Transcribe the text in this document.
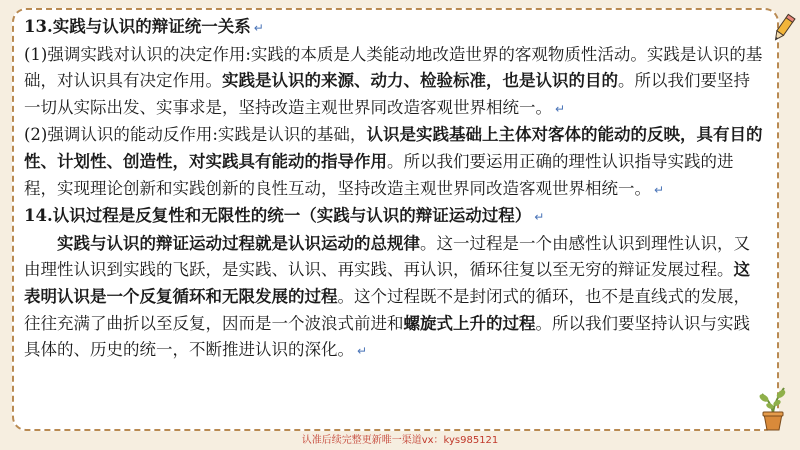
13.实践与认识的辩证统一关系 ↵

(1)强调实践对认识的决定作用:实践的本质是人类能动地改造世界的客观物质性活动。实践是认识的基础，对认识具有决定作用。实践是认识的来源、动力、检验标准，也是认识的目的。所以我们要坚持一切从实际出发、实事求是，坚持改造主观世界同改造客观世界相统一。 ↵

(2)强调认识的能动反作用:实践是认识的基础，认识是实践基础上主体对客体的能动的反映，具有目的性、计划性、创造性，对实践具有能动的指导作用。所以我们要运用正确的理性认识指导实践的进程，实现理论创新和实践创新的良性互动，坚持改造主观世界同改造客观世界相统一。 ↵

14.认识过程是反复性和无限性的统一（实践与认识的辩证运动过程） ↵

实践与认识的辩证运动过程就是认识运动的总规律。这一过程是一个由感性认识到理性认识，又由理性认识到实践的飞跃，是实践、认识、再实践、再认识，循环往复以至无穷的辩证发展过程。这表明认识是一个反复循环和无限发展的过程。这个过程既不是封闭式的循环，也不是直线式的发展，往往充满了曲折以至反复，因而是一个波浪式前进和螺旋式上升的过程。所以我们要坚持认识与实践具体的、历史的统一，不断推进认识的深化。 ↵

认准后续完整更新唯一渠道vx：kys985121
